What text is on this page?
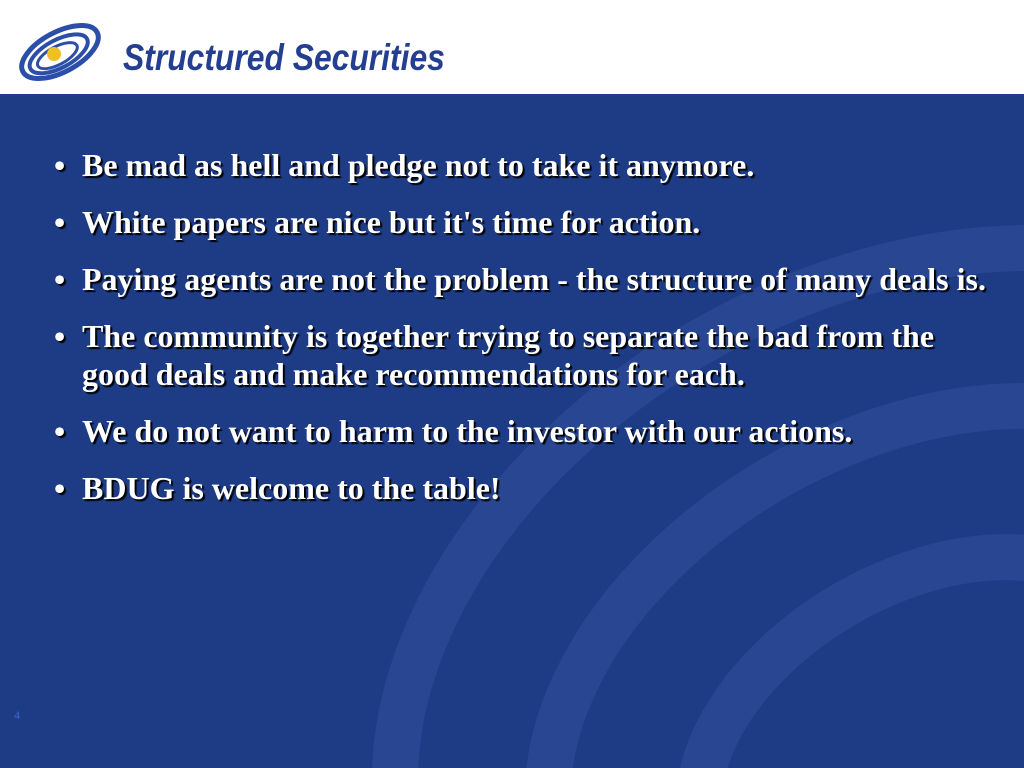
Structured Securities
• Be mad as hell and pledge not to take it anymore.
• White papers are nice but it's time for action.
• Paying agents are not the problem - the structure of many deals is.
• The community is together trying to separate the bad from the good deals and make recommendations for each.
• We do not want to harm to the investor with our actions.
• BDUG is welcome to the table!
4
